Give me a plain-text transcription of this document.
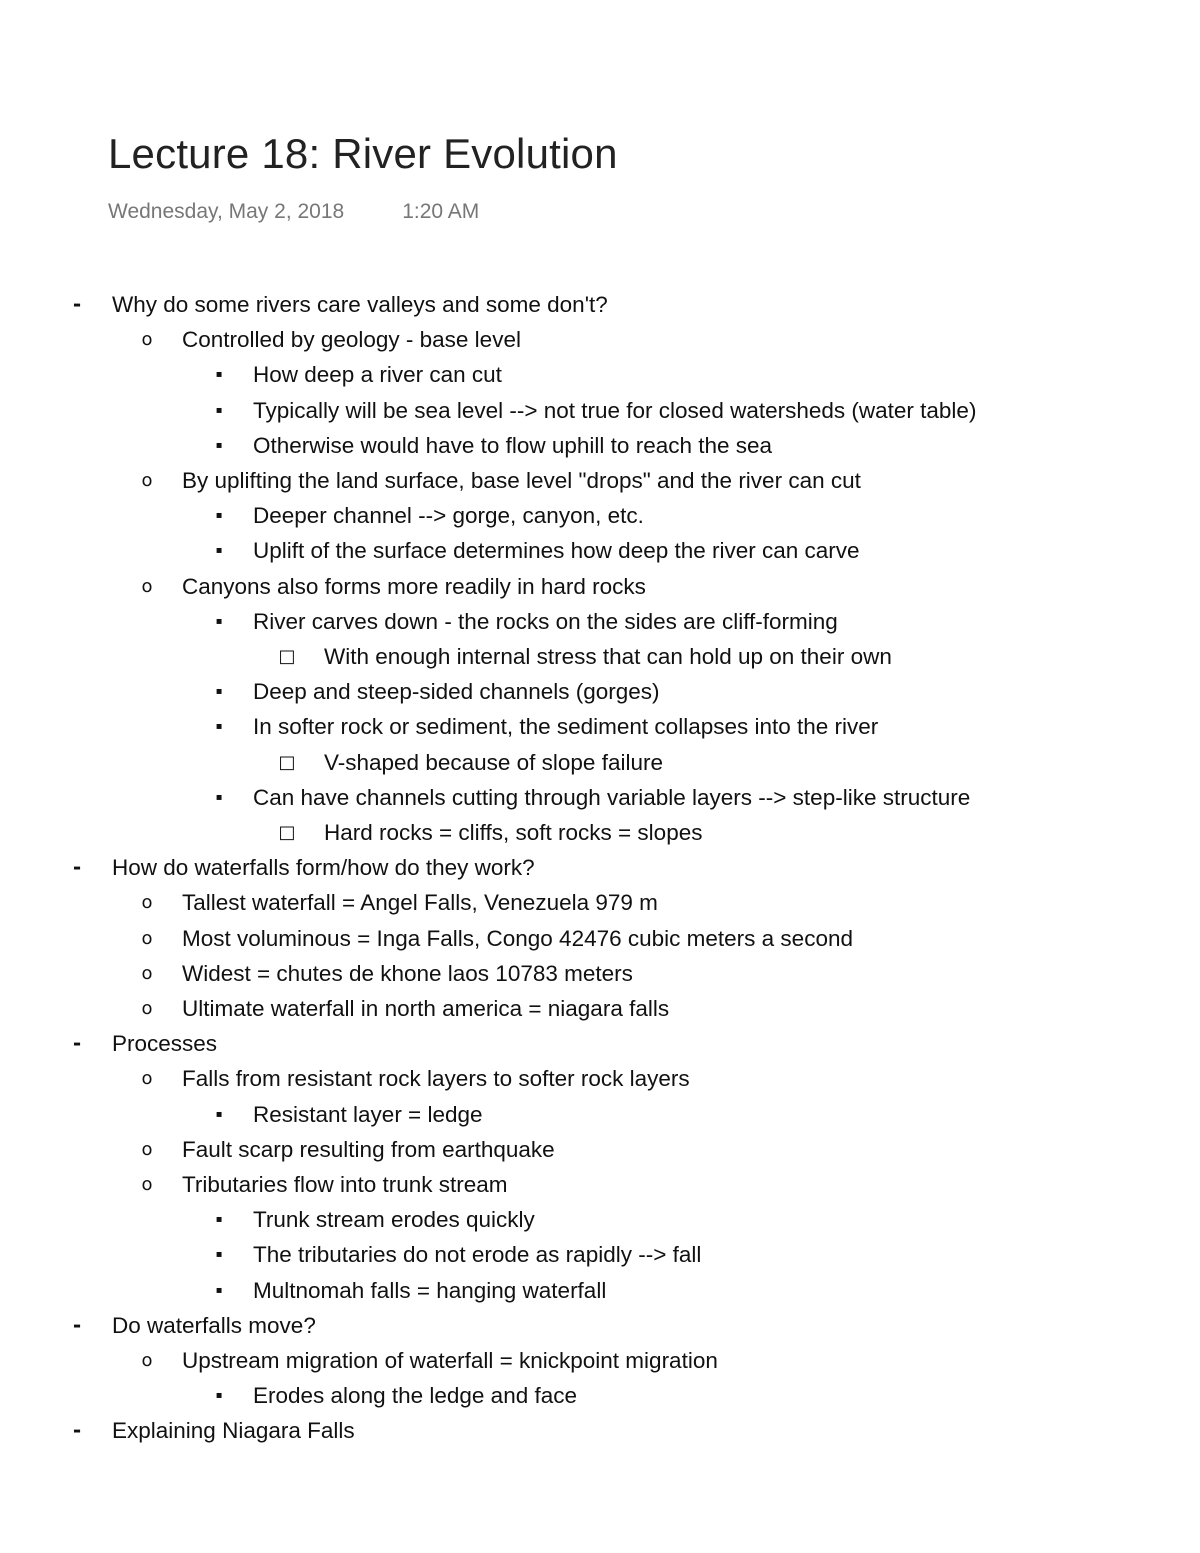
Lecture 18: River Evolution
Wednesday, May 2, 2018	1:20 AM
-	Why do some rivers care valleys and some don't?
o	Controlled by geology - base level
▪	How deep a river can cut
▪	Typically will be sea level --> not true for closed watersheds (water table)
▪	Otherwise would have to flow uphill to reach the sea
o	By uplifting the land surface, base level "drops" and the river can cut
▪	Deeper channel --> gorge, canyon, etc.
▪	Uplift of the surface determines how deep the river can carve
o	Canyons also forms more readily in hard rocks
▪	River carves down - the rocks on the sides are cliff-forming
□ With enough internal stress that can hold up on their own
▪	Deep and steep-sided channels (gorges)
▪	In softer rock or sediment, the sediment collapses into the river
□ V-shaped because of slope failure
▪	Can have channels cutting through variable layers --> step-like structure
□ Hard rocks = cliffs, soft rocks = slopes
-	How do waterfalls form/how do they work?
o	Tallest waterfall = Angel Falls, Venezuela 979 m
o	Most voluminous = Inga Falls, Congo 42476 cubic meters a second
o	Widest = chutes de khone laos 10783 meters
o	Ultimate waterfall in north america = niagara falls
-	Processes
o	Falls from resistant rock layers to softer rock layers
▪	Resistant layer = ledge
o	Fault scarp resulting from earthquake
o	Tributaries flow into trunk stream
▪	Trunk stream erodes quickly
▪	The tributaries do not erode as rapidly --> fall
▪	Multnomah falls = hanging waterfall
-	Do waterfalls move?
o	Upstream migration of waterfall = knickpoint migration
▪	Erodes along the ledge and face
-	Explaining Niagara Falls
